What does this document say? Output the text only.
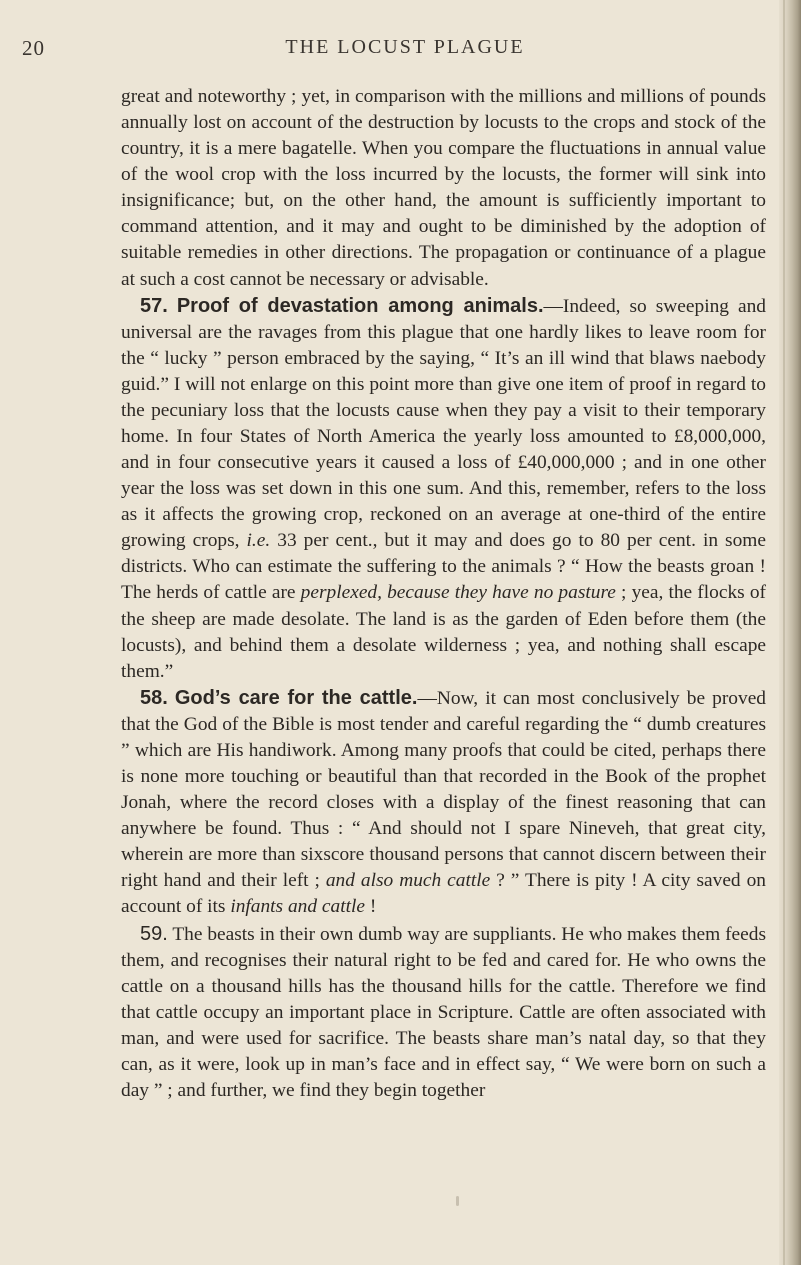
20	THE LOCUST PLAGUE

great and noteworthy ; yet, in comparison with the millions and millions of pounds annually lost on account of the destruction by locusts to the crops and stock of the country, it is a mere bagatelle. When you compare the fluctuations in annual value of the wool crop with the loss incurred by the locusts, the former will sink into insignificance; but, on the other hand, the amount is sufficiently important to command attention, and it may and ought to be diminished by the adoption of suitable remedies in other directions. The propagation or continuance of a plague at such a cost cannot be necessary or advisable.

57. Proof of devastation among animals.—Indeed, so sweeping and universal are the ravages from this plague that one hardly likes to leave room for the “ lucky ” person embraced by the saying, “ It’s an ill wind that blaws naebody guid.” I will not enlarge on this point more than give one item of proof in regard to the pecuniary loss that the locusts cause when they pay a visit to their temporary home. In four States of North America the yearly loss amounted to £8,000,000, and in four consecutive years it caused a loss of £40,000,000 ; and in one other year the loss was set down in this one sum. And this, remember, refers to the loss as it affects the growing crop, reckoned on an average at one-third of the entire growing crops, i.e. 33 per cent., but it may and does go to 80 per cent. in some districts. Who can estimate the suffering to the animals ? “ How the beasts groan ! The herds of cattle are perplexed, because they have no pasture ; yea, the flocks of the sheep are made desolate. The land is as the garden of Eden before them (the locusts), and behind them a desolate wilderness ; yea, and nothing shall escape them.”

58. God’s care for the cattle.—Now, it can most conclusively be proved that the God of the Bible is most tender and careful regarding the “ dumb creatures ” which are His handiwork. Among many proofs that could be cited, perhaps there is none more touching or beautiful than that recorded in the Book of the prophet Jonah, where the record closes with a display of the finest reasoning that can anywhere be found. Thus : “ And should not I spare Nineveh, that great city, wherein are more than sixscore thousand persons that cannot discern between their right hand and their left ; and also much cattle ? ” There is pity ! A city saved on account of its infants and cattle !

59. The beasts in their own dumb way are suppliants. He who makes them feeds them, and recognises their natural right to be fed and cared for. He who owns the cattle on a thousand hills has the thousand hills for the cattle. Therefore we find that cattle occupy an important place in Scripture. Cattle are often associated with man, and were used for sacrifice. The beasts share man’s natal day, so that they can, as it were, look up in man’s face and in effect say, “ We were born on such a day ” ; and further, we find they begin together
